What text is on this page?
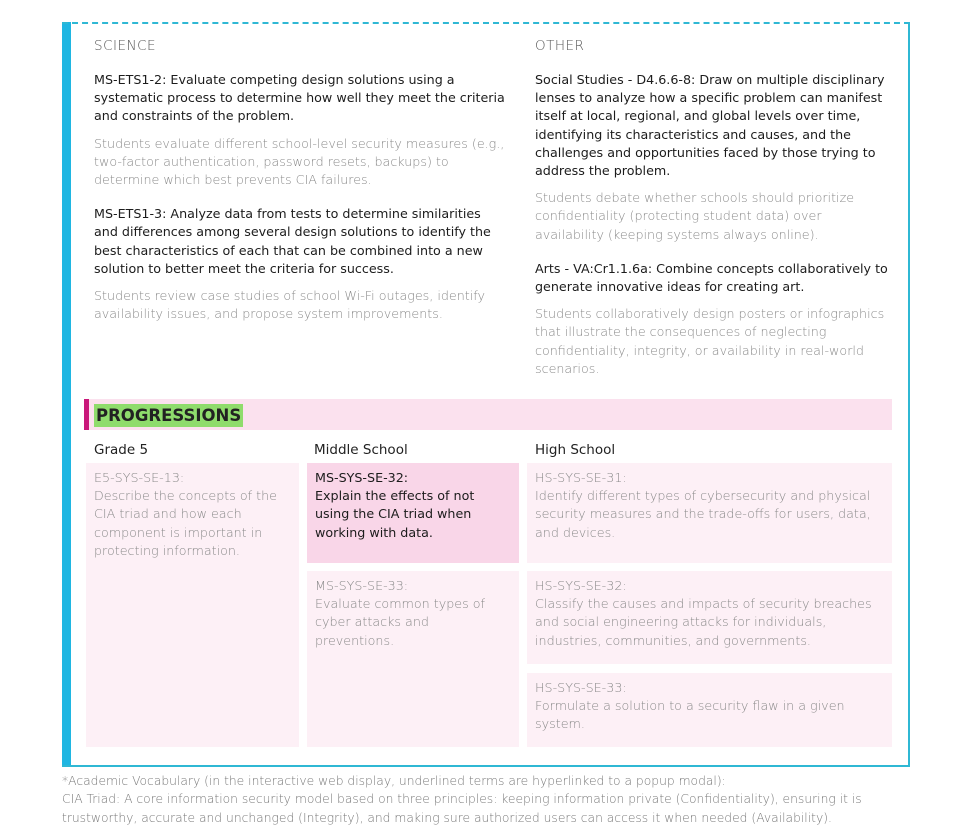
SCIENCE
MS-ETS1-2: Evaluate competing design solutions using a systematic process to determine how well they meet the criteria and constraints of the problem.
Students evaluate different school-level security measures (e.g., two-factor authentication, password resets, backups) to determine which best prevents CIA failures.
MS-ETS1-3: Analyze data from tests to determine similarities and differences among several design solutions to identify the best characteristics of each that can be combined into a new solution to better meet the criteria for success.
Students review case studies of school Wi-Fi outages, identify availability issues, and propose system improvements.
OTHER
Social Studies - D4.6.6-8: Draw on multiple disciplinary lenses to analyze how a specific problem can manifest itself at local, regional, and global levels over time, identifying its characteristics and causes, and the challenges and opportunities faced by those trying to address the problem.
Students debate whether schools should prioritize confidentiality (protecting student data) over availability (keeping systems always online).
Arts - VA:Cr1.1.6a: Combine concepts collaboratively to generate innovative ideas for creating art.
Students collaboratively design posters or infographics that illustrate the consequences of neglecting confidentiality, integrity, or availability in real-world scenarios.
PROGRESSIONS
Grade 5	Middle School	High School
E5-SYS-SE-13:
Describe the concepts of the CIA triad and how each component is important in protecting information.
MS-SYS-SE-32:
Explain the effects of not using the CIA triad when working with data.
MS-SYS-SE-33:
Evaluate common types of cyber attacks and preventions.
HS-SYS-SE-31:
Identify different types of cybersecurity and physical security measures and the trade-offs for users, data, and devices.
HS-SYS-SE-32:
Classify the causes and impacts of security breaches and social engineering attacks for individuals, industries, communities, and governments.
HS-SYS-SE-33:
Formulate a solution to a security flaw in a given system.
*Academic Vocabulary (in the interactive web display, underlined terms are hyperlinked to a popup modal):
CIA Triad: A core information security model based on three principles: keeping information private (Confidentiality), ensuring it is
trustworthy, accurate and unchanged (Integrity), and making sure authorized users can access it when needed (Availability).
